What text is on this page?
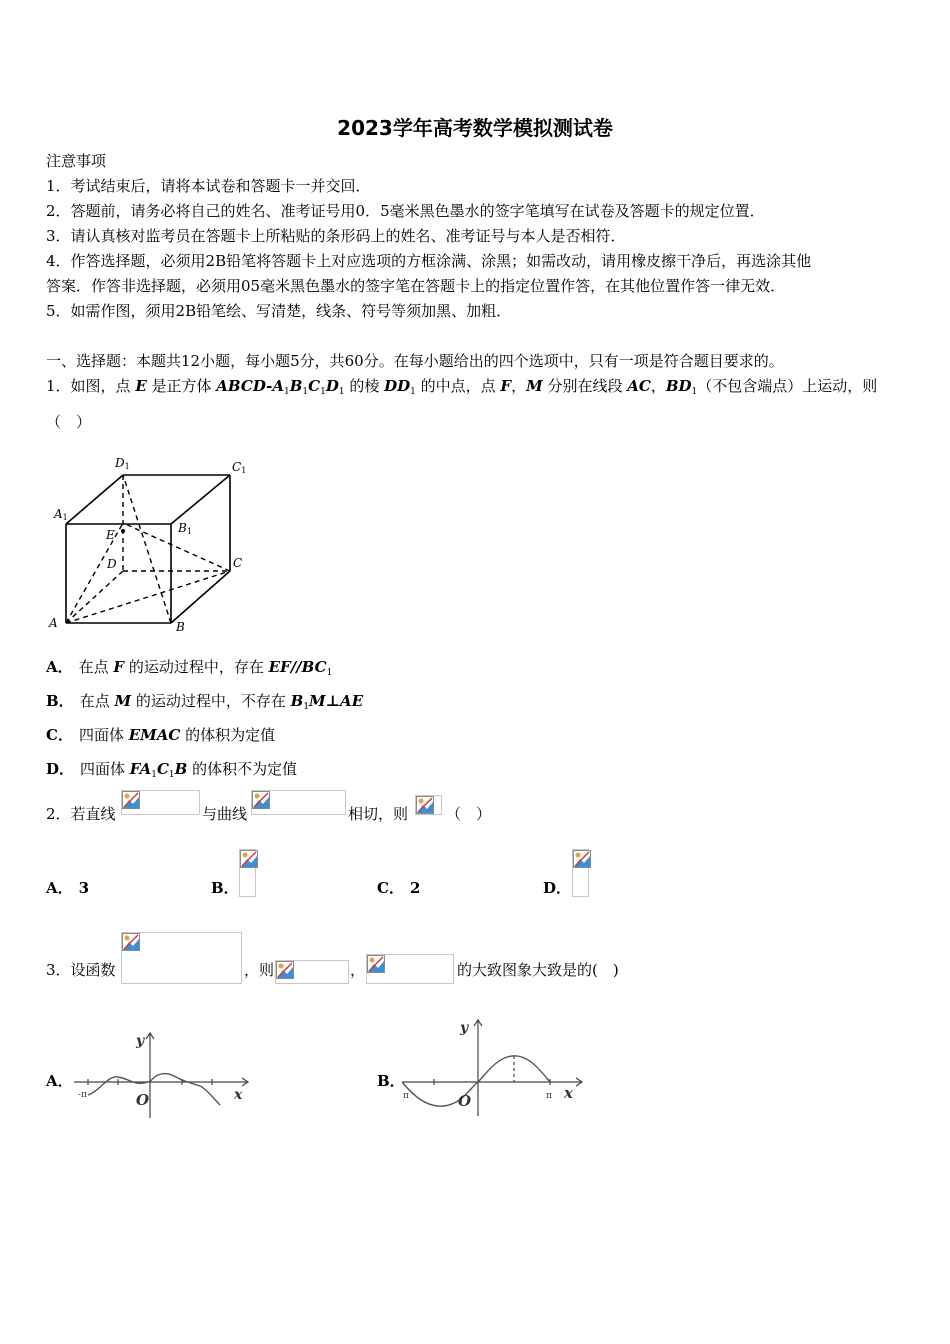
2023学年高考数学模拟测试卷
注意事项
1．考试结束后，请将本试卷和答题卡一并交回．
2．答题前，请务必将自己的姓名、准考证号用0．5毫米黑色墨水的签字笔填写在试卷及答题卡的规定位置．
3．请认真核对监考员在答题卡上所粘贴的条形码上的姓名、准考证号与本人是否相符．
4．作答选择题，必须用2B铅笔将答题卡上对应选项的方框涂满、涂黑；如需改动，请用橡皮擦干净后，再选涂其他
答案．作答非选择题，必须用05毫米黑色墨水的签字笔在答题卡上的指定位置作答，在其他位置作答一律无效．
5．如需作图，须用2B铅笔绘、写清楚，线条、符号等须加黑、加粗．
一、选择题：本题共12小题，每小题5分，共60分。在每小题给出的四个选项中，只有一项是符合题目要求的。
1．如图，点 E 是正方体 ABCD-$A_1B_1C_1D_1$ 的棱 $DD_1$ 的中点，点 F，M 分别在线段 AC，$BD_1$（不包含端点）上运动，则
（　）
D1	C1
A1
B1
E
D	C
A	B
A． 在点 F 的运动过程中，存在 $EF//BC_1$
B． 在点 M 的运动过程中，不存在 $B_1M\perp AE$
C． 四面体 EMAC 的体积为定值
D． 四面体 $FA_1C_1B$ 的体积不为定值
2．若直线	与曲线	相切，则	（　）
A． 3	B．	C． 2	D．
3．设函数	，则	，	的大致图象大致是的(　)
A．
y
x
O
-π
B．
y
x
O
π	π
